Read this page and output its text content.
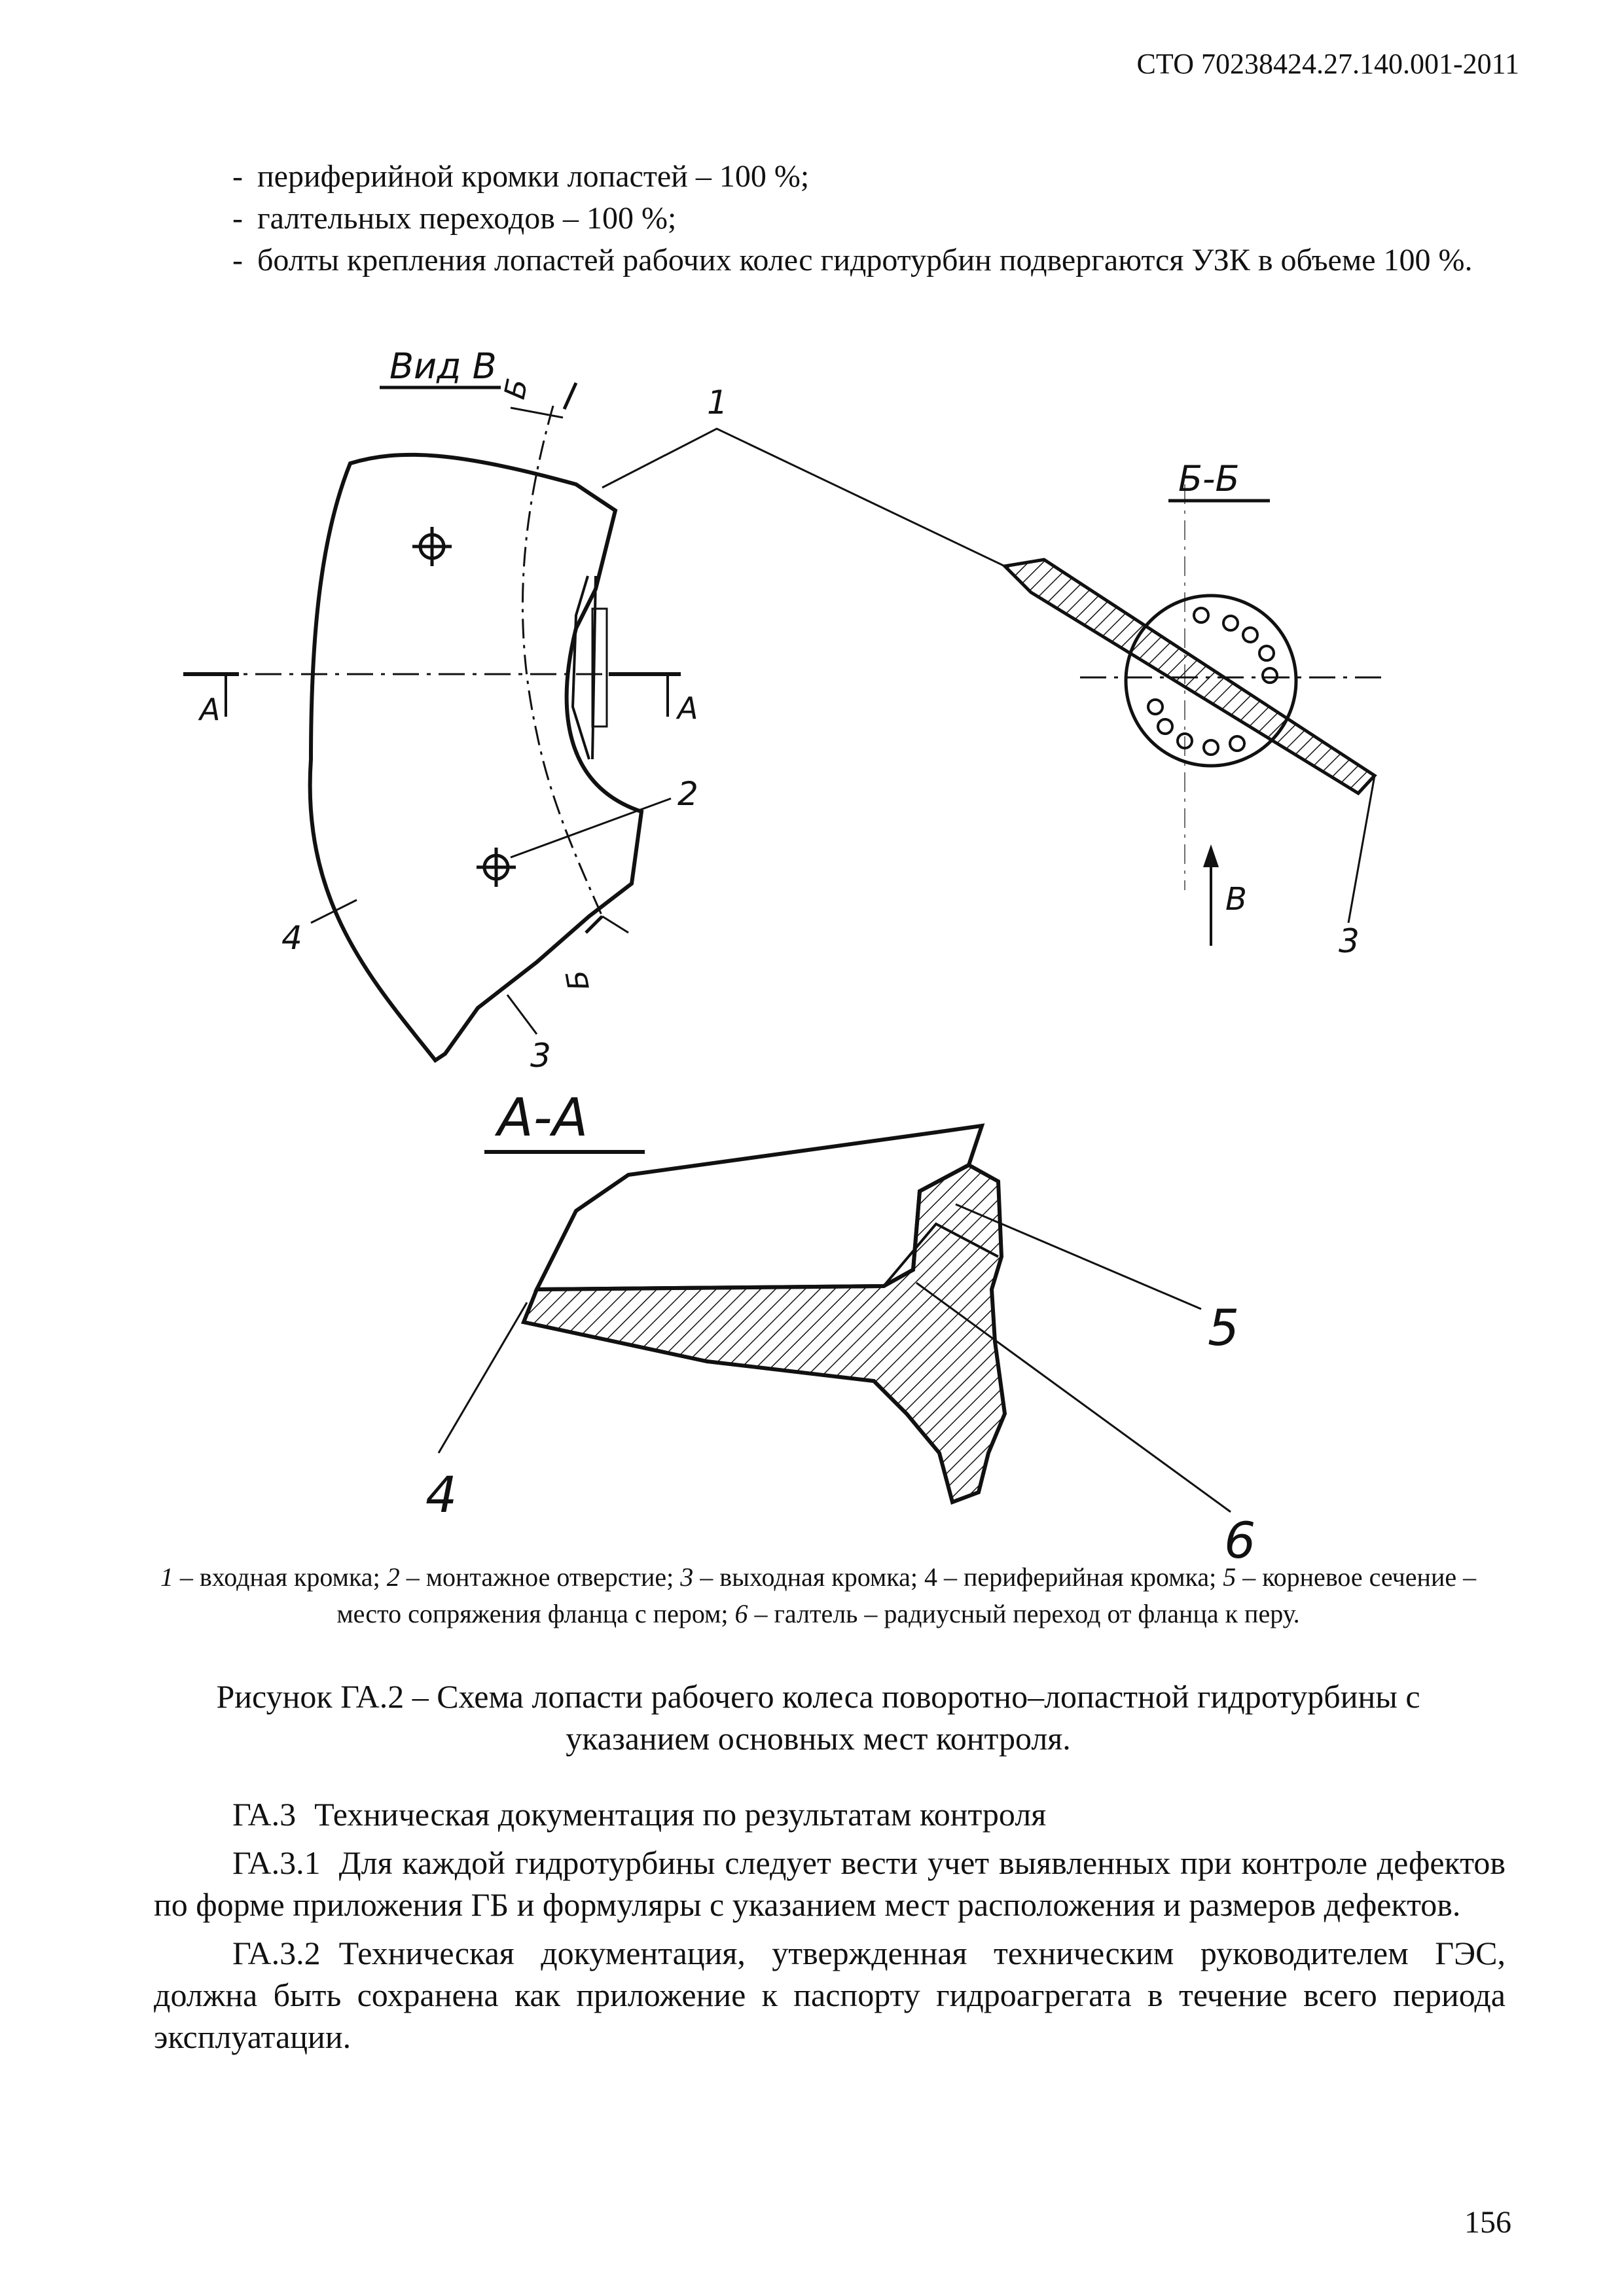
СТО 70238424.27.140.001-2011
- периферийной кромки лопастей – 100 %;
- галтельных переходов – 100 %;
- болты крепления лопастей рабочих колес гидротурбин подвергаются УЗК в объеме 100 %.
Вид В
Б
Б
А	А
1
2
3
4
Б-Б
В
3
А-А
5
6
4
1 – входная кромка; 2 – монтажное отверстие; 3 – выходная кромка; 4 – периферийная кромка; 5 – корневое сечение – место сопряжения фланца с пером; 6 – галтель – радиусный переход от фланца к перу.
Рисунок ГА.2 – Схема лопасти рабочего колеса поворотно–лопастной гидротурбины с указанием основных мест контроля.

ГА.3 Техническая документация по результатам контроля

ГА.3.1 Для каждой гидротурбины следует вести учет выявленных при контроле дефектов по форме приложения ГБ и формуляры с указанием мест расположения и размеров дефектов.

ГА.3.2 Техническая документация, утвержденная техническим руководителем ГЭС, должна быть сохранена как приложение к паспорту гидроагрегата в течение всего периода эксплуатации.

156
